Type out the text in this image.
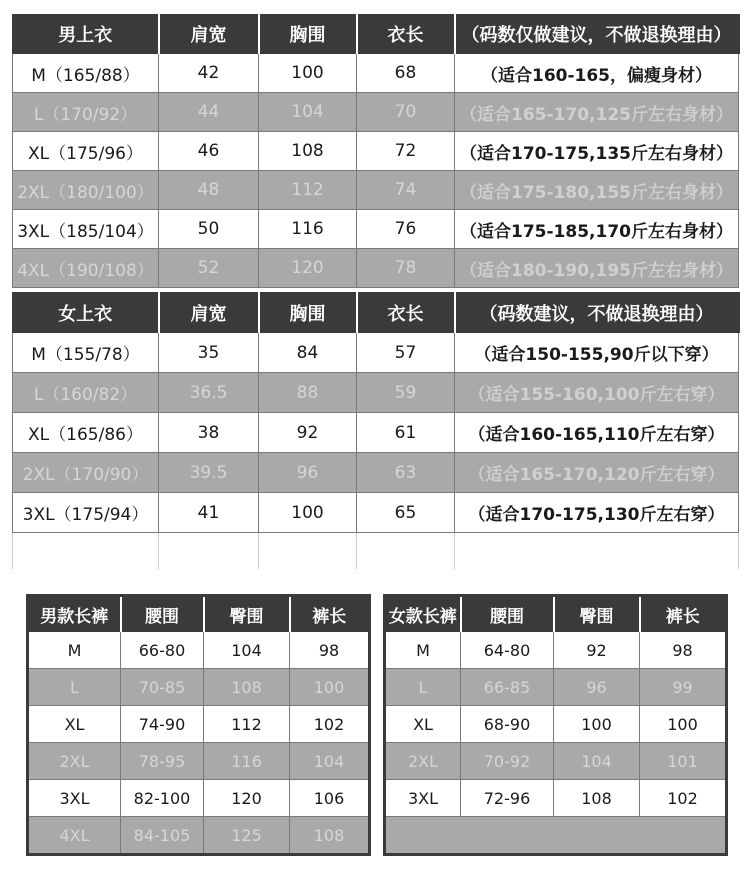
男上衣	肩宽	胸围	衣长	（码数仅做建议，不做退换理由）
M（165/88）	42	100	68	（适合160-165，偏瘦身材）
L（170/92）	44	104	70	（适合165-170,125斤左右身材）
XL（175/96）	46	108	72	（适合170-175,135斤左右身材）
2XL（180/100）	48	112	74	（适合175-180,155斤左右身材）
3XL（185/104）	50	116	76	（适合175-185,170斤左右身材）
4XL（190/108）	52	120	78	（适合180-190,195斤左右身材）
女上衣	肩宽	胸围	衣长	（码数建议，不做退换理由）
M（155/78）	35	84	57	（适合150-155,90斤以下穿）
L（160/82）	36.5	88	59	（适合155-160,100斤左右穿）
XL（165/86）	38	92	61	（适合160-165,110斤左右穿）
2XL（170/90）	39.5	96	63	（适合165-170,120斤左右穿）
3XL（175/94）	41	100	65	（适合170-175,130斤左右穿）

男款长裤	腰围	臀围	裤长
M	66-80	104	98
L	70-85	108	100
XL	74-90	112	102
2XL	78-95	116	104
3XL	82-100	120	106
4XL	84-105	125	108
女款长裤	腰围	臀围	裤长
M	64-80	92	98
L	66-85	96	99
XL	68-90	100	100
2XL	70-92	104	101
3XL	72-96	108	102
